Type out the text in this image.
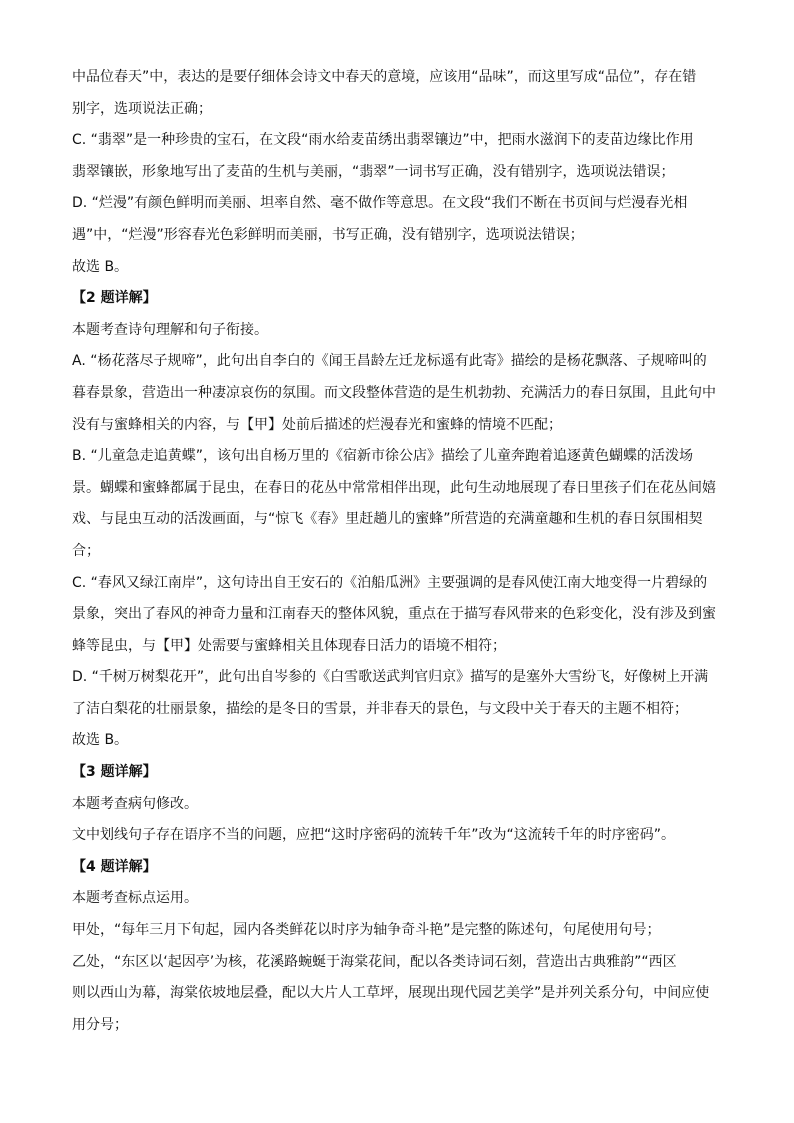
中品位春天”中，表达的是要仔细体会诗文中春天的意境，应该用“品味”，而这里写成“品位”，存在错
别字，选项说法正确；
C. “翡翠”是一种珍贵的宝石，在文段“雨水给麦苗绣出翡翠镶边”中，把雨水滋润下的麦苗边缘比作用
翡翠镶嵌，形象地写出了麦苗的生机与美丽，“翡翠”一词书写正确，没有错别字，选项说法错误；
D. “烂漫”有颜色鲜明而美丽、坦率自然、毫不做作等意思。在文段“我们不断在书页间与烂漫春光相
遇”中，“烂漫”形容春光色彩鲜明而美丽，书写正确，没有错别字，选项说法错误；
故选 B。
【2 题详解】
本题考查诗句理解和句子衔接。
A. “杨花落尽子规啼”，此句出自李白的《闻王昌龄左迁龙标遥有此寄》描绘的是杨花飘落、子规啼叫的
暮春景象，营造出一种凄凉哀伤的氛围。而文段整体营造的是生机勃勃、充满活力的春日氛围，且此句中
没有与蜜蜂相关的内容，与【甲】处前后描述的烂漫春光和蜜蜂的情境不匹配；
B. “儿童急走追黄蝶”，该句出自杨万里的《宿新市徐公店》描绘了儿童奔跑着追逐黄色蝴蝶的活泼场
景。蝴蝶和蜜蜂都属于昆虫，在春日的花丛中常常相伴出现，此句生动地展现了春日里孩子们在花丛间嬉
戏、与昆虫互动的活泼画面，与“惊飞《春》里赶趟儿的蜜蜂”所营造的充满童趣和生机的春日氛围相契
合；
C. “春风又绿江南岸”，这句诗出自王安石的《泊船瓜洲》主要强调的是春风使江南大地变得一片碧绿的
景象，突出了春风的神奇力量和江南春天的整体风貌，重点在于描写春风带来的色彩变化，没有涉及到蜜
蜂等昆虫，与【甲】处需要与蜜蜂相关且体现春日活力的语境不相符；
D. “千树万树梨花开”，此句出自岑参的《白雪歌送武判官归京》描写的是塞外大雪纷飞，好像树上开满
了洁白梨花的壮丽景象，描绘的是冬日的雪景，并非春天的景色，与文段中关于春天的主题不相符；
故选 B。
【3 题详解】
本题考查病句修改。
文中划线句子存在语序不当的问题，应把“这时序密码的流转千年”改为“这流转千年的时序密码”。
【4 题详解】
本题考查标点运用。
甲处，“每年三月下旬起，园内各类鲜花以时序为轴争奇斗艳”是完整的陈述句，句尾使用句号；
乙处，“东区以‘起因亭’为核，花溪路蜿蜒于海棠花间，配以各类诗词石刻，营造出古典雅韵”“西区
则以西山为幕，海棠依坡地层叠，配以大片人工草坪，展现出现代园艺美学”是并列关系分句，中间应使
用分号；
